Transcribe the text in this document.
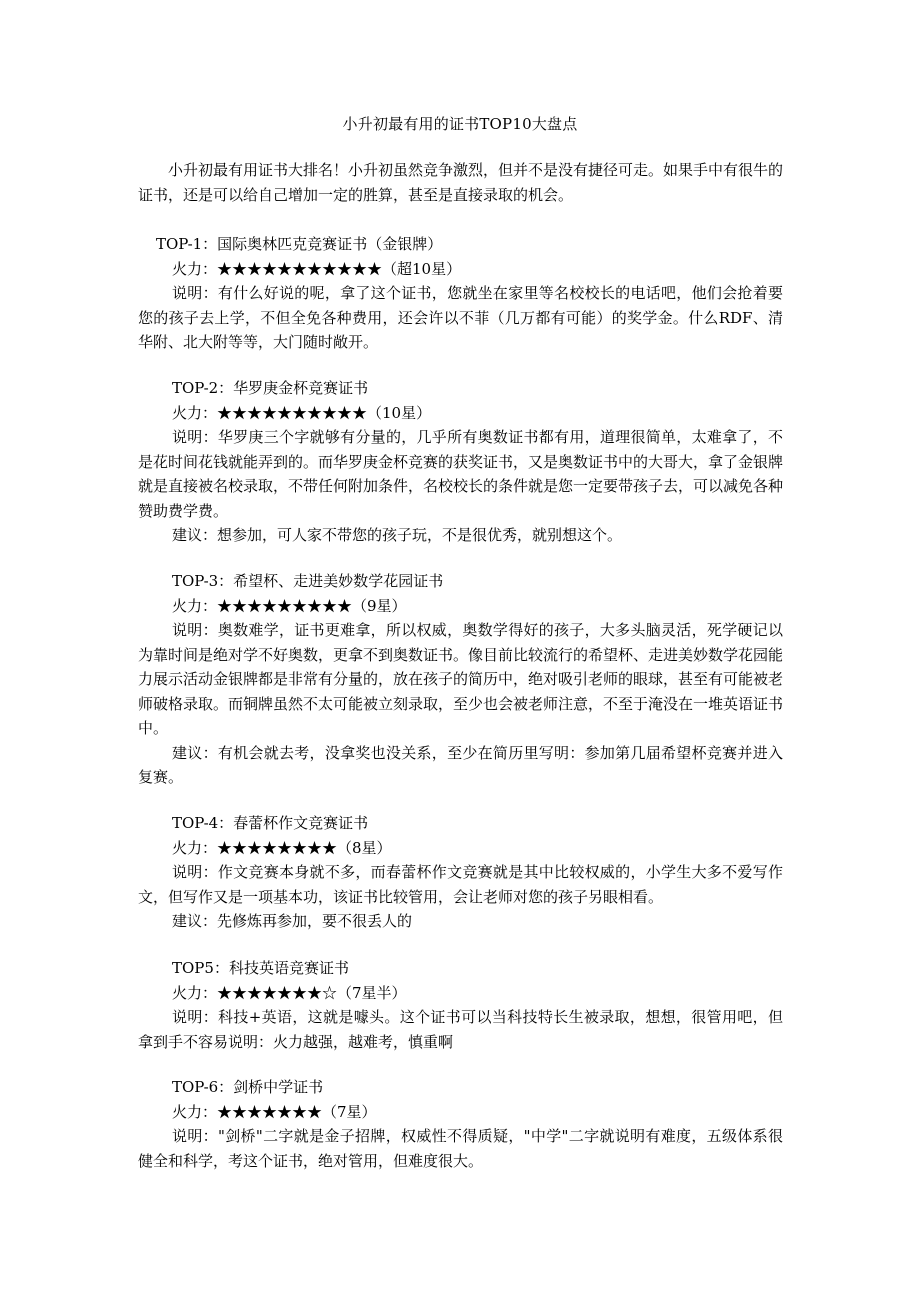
小升初最有用的证书TOP10大盘点

小升初最有用证书大排名！小升初虽然竞争激烈，但并不是没有捷径可走。如果手中有很牛的证书，还是可以给自己增加一定的胜算，甚至是直接录取的机会。

TOP-1：国际奥林匹克竞赛证书（金银牌）

火力：★★★★★★★★★★★（超10星）

说明：有什么好说的呢，拿了这个证书，您就坐在家里等名校校长的电话吧，他们会抢着要您的孩子去上学，不但全免各种费用，还会许以不菲（几万都有可能）的奖学金。什么RDF、清华附、北大附等等，大门随时敞开。

TOP-2：华罗庚金杯竞赛证书

火力：★★★★★★★★★★（10星）

说明：华罗庚三个字就够有分量的，几乎所有奥数证书都有用，道理很简单，太难拿了，不是花时间花钱就能弄到的。而华罗庚金杯竞赛的获奖证书，又是奥数证书中的大哥大，拿了金银牌就是直接被名校录取，不带任何附加条件，名校校长的条件就是您一定要带孩子去，可以减免各种赞助费学费。

建议：想参加，可人家不带您的孩子玩，不是很优秀，就别想这个。

TOP-3：希望杯、走进美妙数学花园证书

火力：★★★★★★★★★（9星）

说明：奥数难学，证书更难拿，所以权威，奥数学得好的孩子，大多头脑灵活，死学硬记以为靠时间是绝对学不好奥数，更拿不到奥数证书。像目前比较流行的希望杯、走进美妙数学花园能力展示活动金银牌都是非常有分量的，放在孩子的简历中，绝对吸引老师的眼球，甚至有可能被老师破格录取。而铜牌虽然不太可能被立刻录取，至少也会被老师注意，不至于淹没在一堆英语证书中。

建议：有机会就去考，没拿奖也没关系，至少在简历里写明：参加第几届希望杯竞赛并进入复赛。

TOP-4：春蕾杯作文竞赛证书

火力：★★★★★★★★（8星）

说明：作文竞赛本身就不多，而春蕾杯作文竞赛就是其中比较权威的，小学生大多不爱写作文，但写作又是一项基本功，该证书比较管用，会让老师对您的孩子另眼相看。

建议：先修炼再参加，要不很丢人的

TOP5：科技英语竞赛证书

火力：★★★★★★★☆（7星半）

说明：科技+英语，这就是噱头。这个证书可以当科技特长生被录取，想想，很管用吧，但拿到手不容易说明：火力越强，越难考，慎重啊

TOP-6：剑桥中学证书

火力：★★★★★★★（7星）

说明："剑桥"二字就是金子招牌，权威性不得质疑，"中学"二字就说明有难度，五级体系很健全和科学，考这个证书，绝对管用，但难度很大。
